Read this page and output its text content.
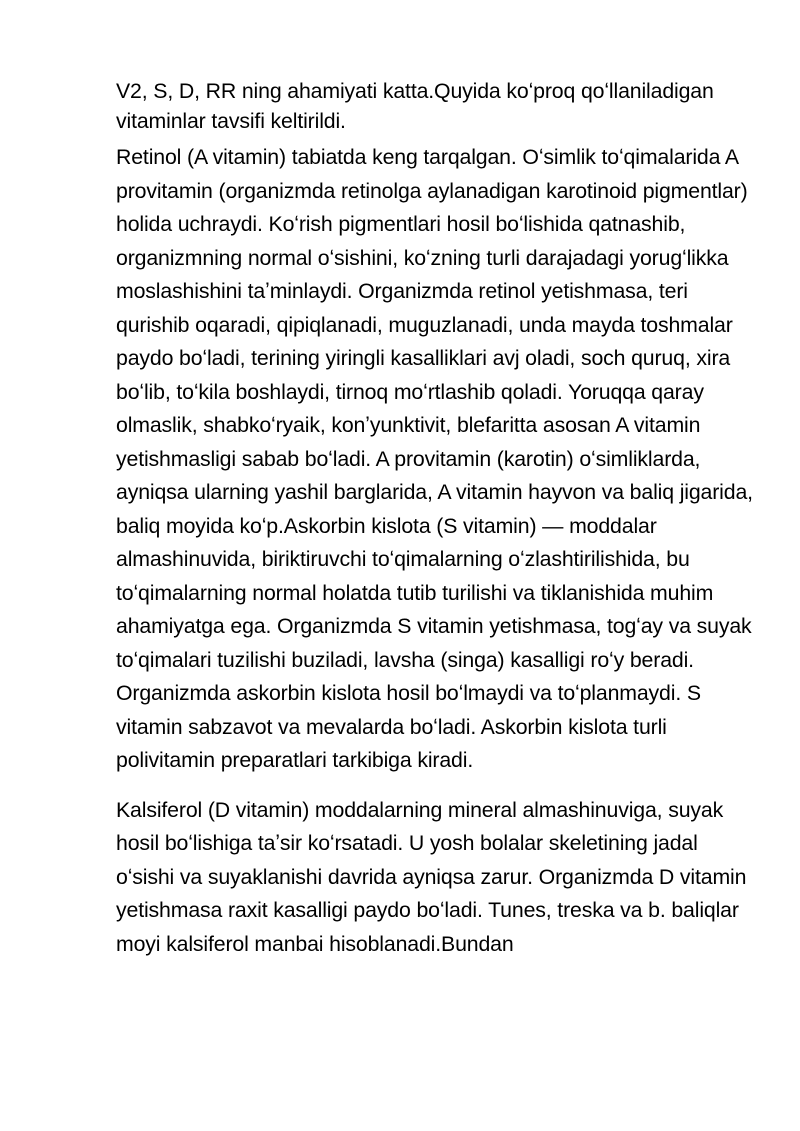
V2, S, D, RR ning ahamiyati katta.Quyida koʻproq qoʻllaniladigan vitaminlar tavsifi keltirildi.

Retinol (A vitamin) tabiatda keng tarqalgan. Oʻsimlik toʻqimalarida A provitamin (organizmda retinolga aylanadigan karotinoid pigmentlar) holida uchraydi. Koʻrish pigmentlari hosil boʻlishida qatnashib, organizmning normal oʻsishini, koʻzning turli darajadagi yorugʻlikka moslashishini taʼminlaydi. Organizmda retinol yetishmasa, teri qurishib oqaradi, qipiqlanadi, muguzlanadi, unda mayda toshmalar paydo boʻladi, terining yiringli kasalliklari avj oladi, soch quruq, xira boʻlib, toʻkila boshlaydi, tirnoq moʻrtlashib qoladi. Yoruqqa qaray olmaslik, shabkoʻryaik, konʼyunktivit, blefaritta asosan A vitamin yetishmasligi sabab boʻladi. A provitamin (karotin) oʻsimliklarda, ayniqsa ularning yashil barglarida, A vitamin hayvon va baliq jigarida, baliq moyida koʻp.Askorbin kislota (S vitamin) — moddalar almashinuvida, biriktiruvchi toʻqimalarning oʻzlashtirilishida, bu toʻqimalarning normal holatda tutib turilishi va tiklanishida muhim ahamiyatga ega. Organizmda S vitamin yetishmasa, togʻay va suyak toʻqimalari tuzilishi buziladi, lavsha (singa) kasalligi roʻy beradi. Organizmda askorbin kislota hosil boʻlmaydi va toʻplanmaydi. S vitamin sabzavot va mevalarda boʻladi. Askorbin kislota turli polivitamin preparatlari tarkibiga kiradi.

Kalsiferol (D vitamin) moddalarning mineral almashinuviga, suyak hosil boʻlishiga taʼsir koʻrsatadi. U yosh bolalar skeletining jadal oʻsishi va suyaklanishi davrida ayniqsa zarur. Organizmda D vitamin yetishmasa raxit kasalligi paydo boʻladi. Tunes, treska va b. baliqlar moyi kalsiferol manbai hisoblanadi.Bundan
